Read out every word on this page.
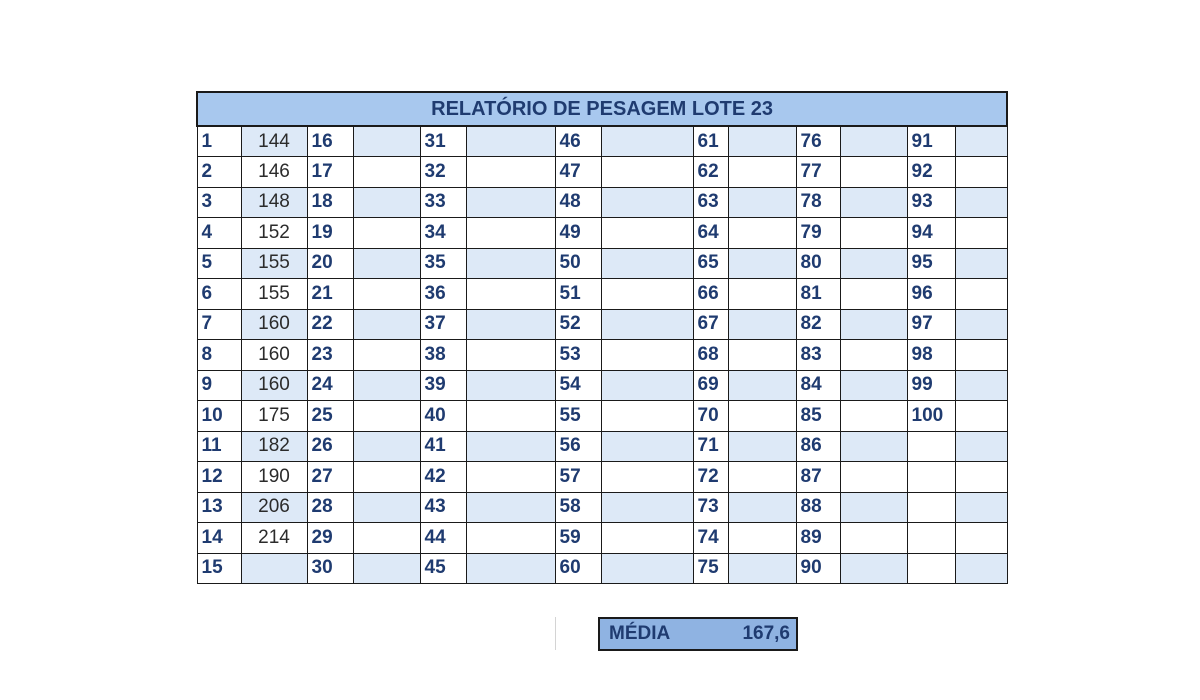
RELATÓRIO DE PESAGEM LOTE 23													
1	144	16		31		46		61		76		91	
2	146	17		32		47		62		77		92	
3	148	18		33		48		63		78		93	
4	152	19		34		49		64		79		94	
5	155	20		35		50		65		80		95	
6	155	21		36		51		66		81		96	
7	160	22		37		52		67		82		97	
8	160	23		38		53		68		83		98	
9	160	24		39		54		69		84		99	
10	175	25		40		55		70		85		100	
11	182	26		41		56		71		86			
12	190	27		42		57		72		87			
13	206	28		43		58		73		88			
14	214	29		44		59		74		89			
15		30		45		60		75		90			
MÉDIA	167,6
